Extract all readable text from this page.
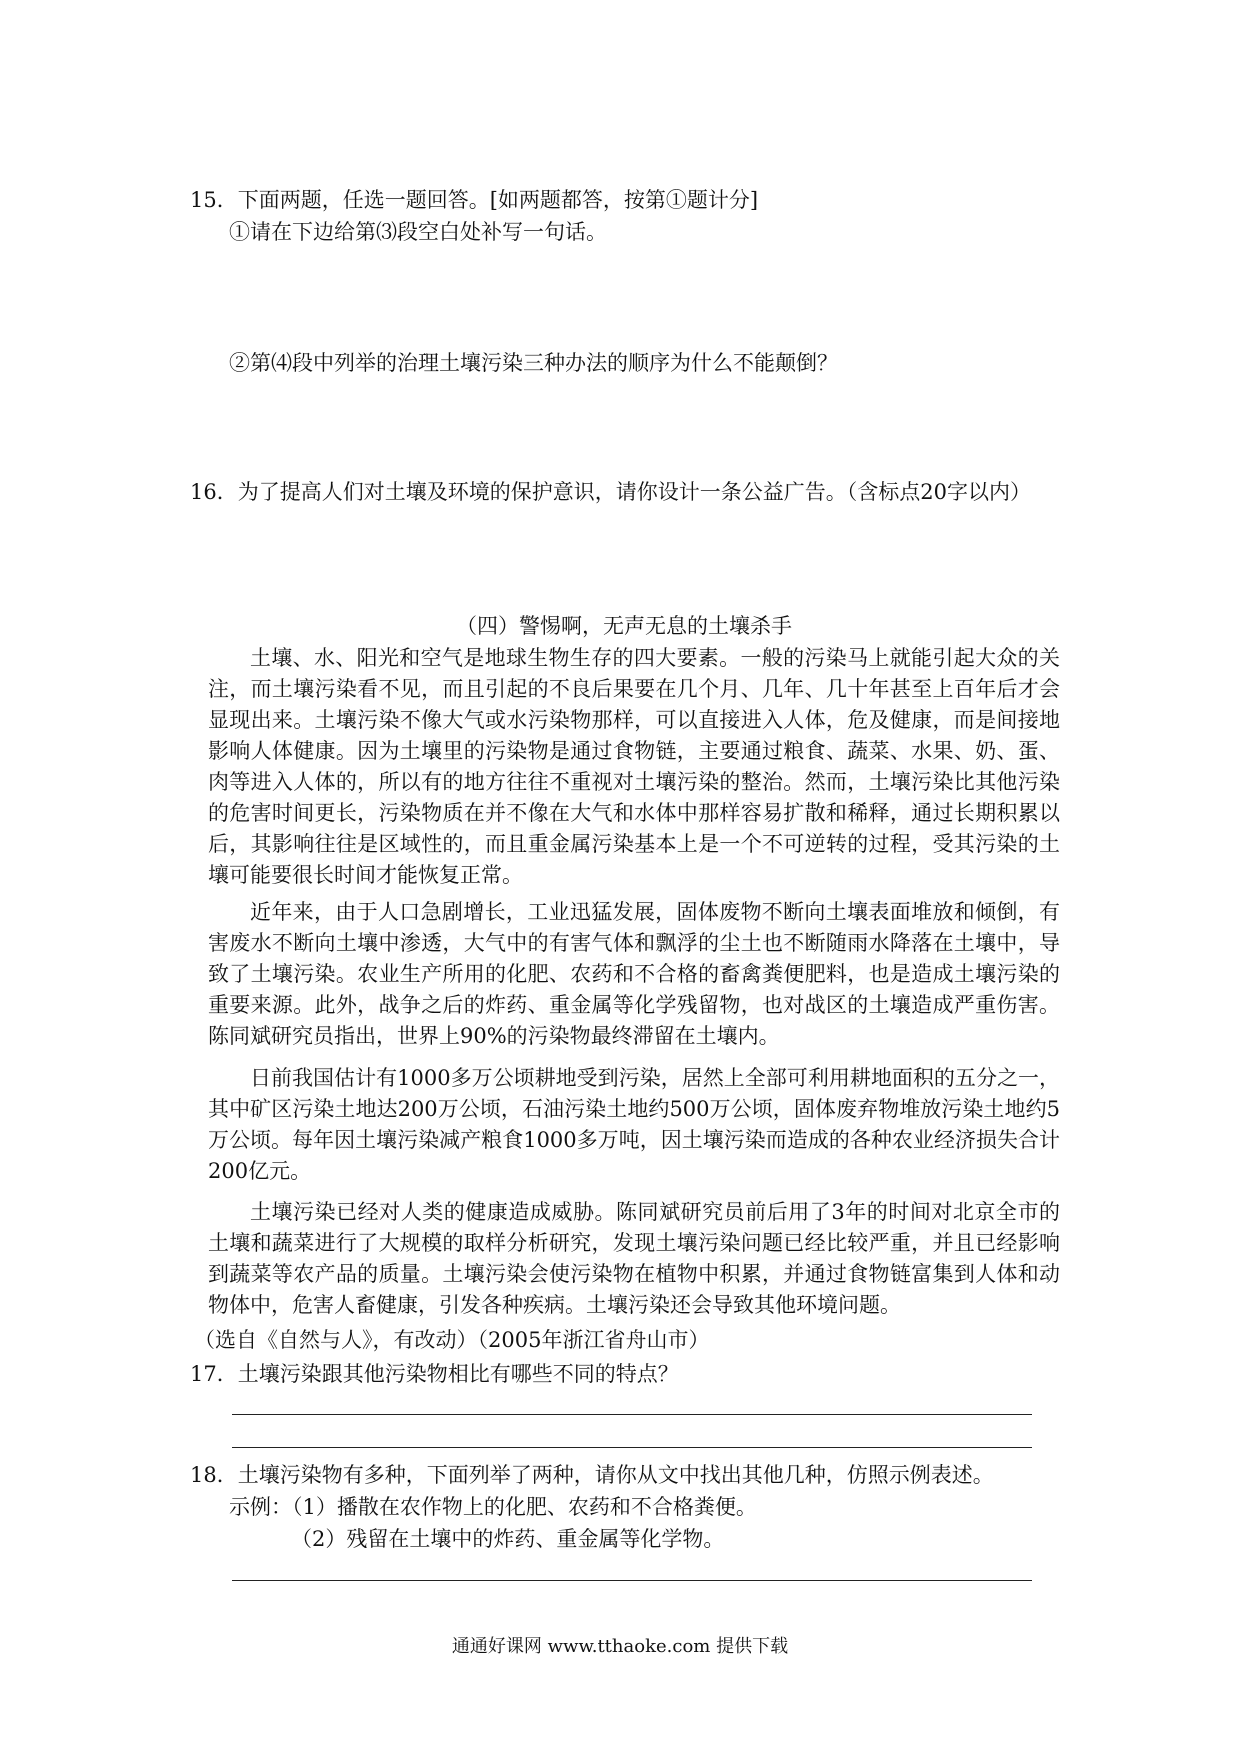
15．下面两题，任选一题回答。[如两题都答，按第①题计分]
①请在下边给第⑶段空白处补写一句话。
②第⑷段中列举的治理土壤污染三种办法的顺序为什么不能颠倒？
16．为了提高人们对土壤及环境的保护意识，请你设计一条公益广告。（含标点20字以内）
（四）警惕啊，无声无息的土壤杀手
土壤、水、阳光和空气是地球生物生存的四大要素。一般的污染马上就能引起大众的关注，而土壤污染看不见，而且引起的不良后果要在几个月、几年、几十年甚至上百年后才会显现出来。土壤污染不像大气或水污染物那样，可以直接进入人体，危及健康，而是间接地影响人体健康。因为土壤里的污染物是通过食物链，主要通过粮食、蔬菜、水果、奶、蛋、肉等进入人体的，所以有的地方往往不重视对土壤污染的整治。然而，土壤污染比其他污染的危害时间更长，污染物质在并不像在大气和水体中那样容易扩散和稀释，通过长期积累以后，其影响往往是区域性的，而且重金属污染基本上是一个不可逆转的过程，受其污染的土壤可能要很长时间才能恢复正常。
近年来，由于人口急剧增长，工业迅猛发展，固体废物不断向土壤表面堆放和倾倒，有害废水不断向土壤中渗透，大气中的有害气体和飘浮的尘土也不断随雨水降落在土壤中，导致了土壤污染。农业生产所用的化肥、农药和不合格的畜禽粪便肥料，也是造成土壤污染的重要来源。此外，战争之后的炸药、重金属等化学残留物，也对战区的土壤造成严重伤害。陈同斌研究员指出，世界上90%的污染物最终滞留在土壤内。
日前我国估计有1000多万公顷耕地受到污染，居然上全部可利用耕地面积的五分之一，其中矿区污染土地达200万公顷，石油污染土地约500万公顷，固体废弃物堆放污染土地约5万公顷。每年因土壤污染减产粮食1000多万吨，因土壤污染而造成的各种农业经济损失合计200亿元。
土壤污染已经对人类的健康造成威胁。陈同斌研究员前后用了3年的时间对北京全市的土壤和蔬菜进行了大规模的取样分析研究，发现土壤污染问题已经比较严重，并且已经影响到蔬菜等农产品的质量。土壤污染会使污染物在植物中积累，并通过食物链富集到人体和动物体中，危害人畜健康，引发各种疾病。土壤污染还会导致其他环境问题。
（选自《自然与人》，有改动）（2005年浙江省舟山市）
17．土壤污染跟其他污染物相比有哪些不同的特点？
18．土壤污染物有多种，下面列举了两种，请你从文中找出其他几种，仿照示例表述。
示例：（1）播散在农作物上的化肥、农药和不合格粪便。
（2）残留在土壤中的炸药、重金属等化学物。
通通好课网 www.tthaoke.com 提供下载
